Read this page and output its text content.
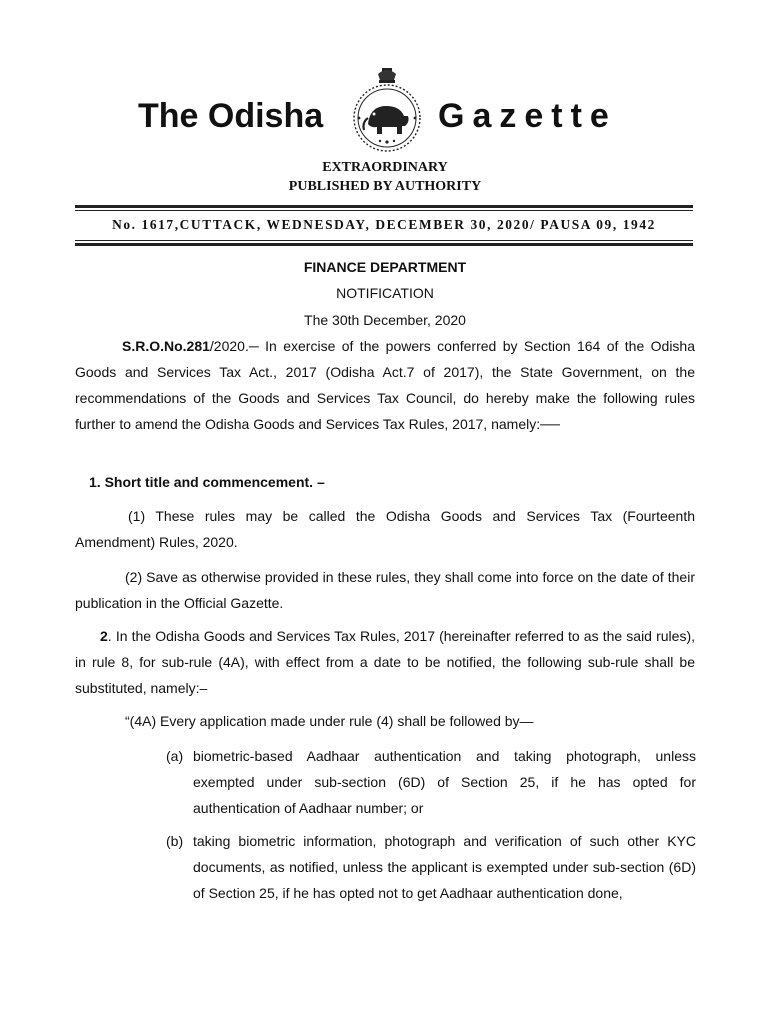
The Odisha	Gazette
EXTRAORDINARY
PUBLISHED BY AUTHORITY
No. 1617,CUTTACK, WEDNESDAY, DECEMBER 30, 2020/ PAUSA 09, 1942
FINANCE DEPARTMENT
NOTIFICATION
The 30th December, 2020
S.R.O.No.281/2020.─ In exercise of the powers conferred by Section 164 of the Odisha Goods and Services Tax Act., 2017 (Odisha Act.7 of 2017), the State Government, on the recommendations of the Goods and Services Tax Council, do hereby make the following rules further to amend the Odisha Goods and Services Tax Rules, 2017, namely:──
1. Short title and commencement. –
(1) These rules may be called the Odisha Goods and Services Tax (Fourteenth Amendment) Rules, 2020.
(2) Save as otherwise provided in these rules, they shall come into force on the date of their publication in the Official Gazette.
2. In the Odisha Goods and Services Tax Rules, 2017 (hereinafter referred to as the said rules), in rule 8, for sub-rule (4A), with effect from a date to be notified, the following sub-rule shall be substituted, namely:–
“(4A) Every application made under rule (4) shall be followed by—
(a) biometric-based Aadhaar authentication and taking photograph, unless exempted under sub-section (6D) of Section 25, if he has opted for authentication of Aadhaar number; or
(b) taking biometric information, photograph and verification of such other KYC documents, as notified, unless the applicant is exempted under sub-section (6D) of Section 25, if he has opted not to get Aadhaar authentication done,
